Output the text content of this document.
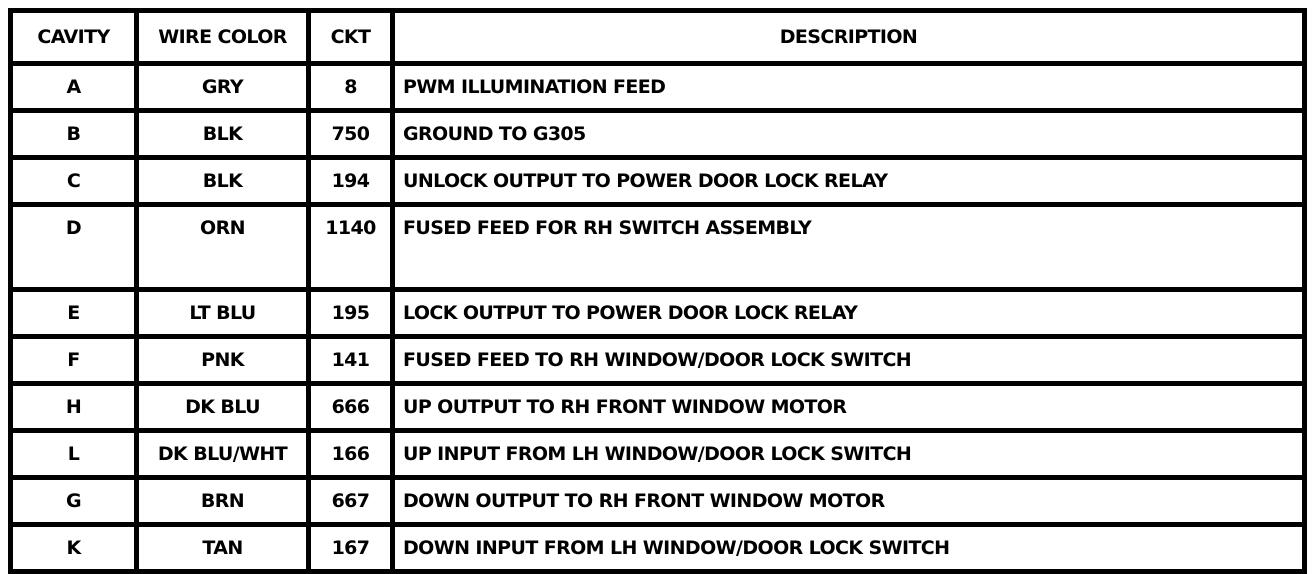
CAVITY	WIRE COLOR	CKT	DESCRIPTION
A	GRY	8	PWM ILLUMINATION FEED
B	BLK	750	GROUND TO G305
C	BLK	194	UNLOCK OUTPUT TO POWER DOOR LOCK RELAY
D	ORN	1140	FUSED FEED FOR RH SWITCH ASSEMBLY
E	LT BLU	195	LOCK OUTPUT TO POWER DOOR LOCK RELAY
F	PNK	141	FUSED FEED TO RH WINDOW/DOOR LOCK SWITCH
H	DK BLU	666	UP OUTPUT TO RH FRONT WINDOW MOTOR
L	DK BLU/WHT	166	UP INPUT FROM LH WINDOW/DOOR LOCK SWITCH
G	BRN	667	DOWN OUTPUT TO RH FRONT WINDOW MOTOR
K	TAN	167	DOWN INPUT FROM LH WINDOW/DOOR LOCK SWITCH
